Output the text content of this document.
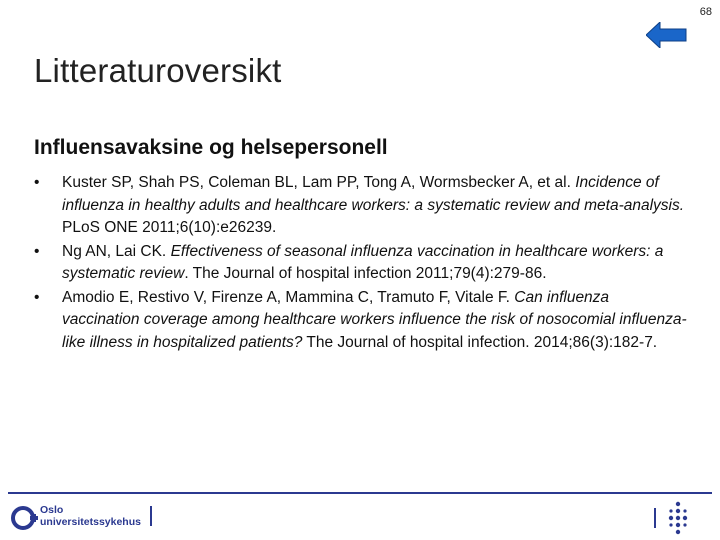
68
Litteraturoversikt
Influensavaksine og helsepersonell
•	Kuster SP, Shah PS, Coleman BL, Lam PP, Tong A, Wormsbecker A, et al. Incidence of influenza in healthy adults and healthcare workers: a systematic review and meta-analysis. PLoS ONE 2011;6(10):e26239.
•	Ng AN, Lai CK. Effectiveness of seasonal influenza vaccination in healthcare workers: a systematic review. The Journal of hospital infection 2011;79(4):279-86.
•	Amodio E, Restivo V, Firenze A, Mammina C, Tramuto F, Vitale F. Can influenza vaccination coverage among healthcare workers influence the risk of nosocomial influenza-like illness in hospitalized patients? The Journal of hospital infection. 2014;86(3):182-7.
Oslo
universitetssykehus
